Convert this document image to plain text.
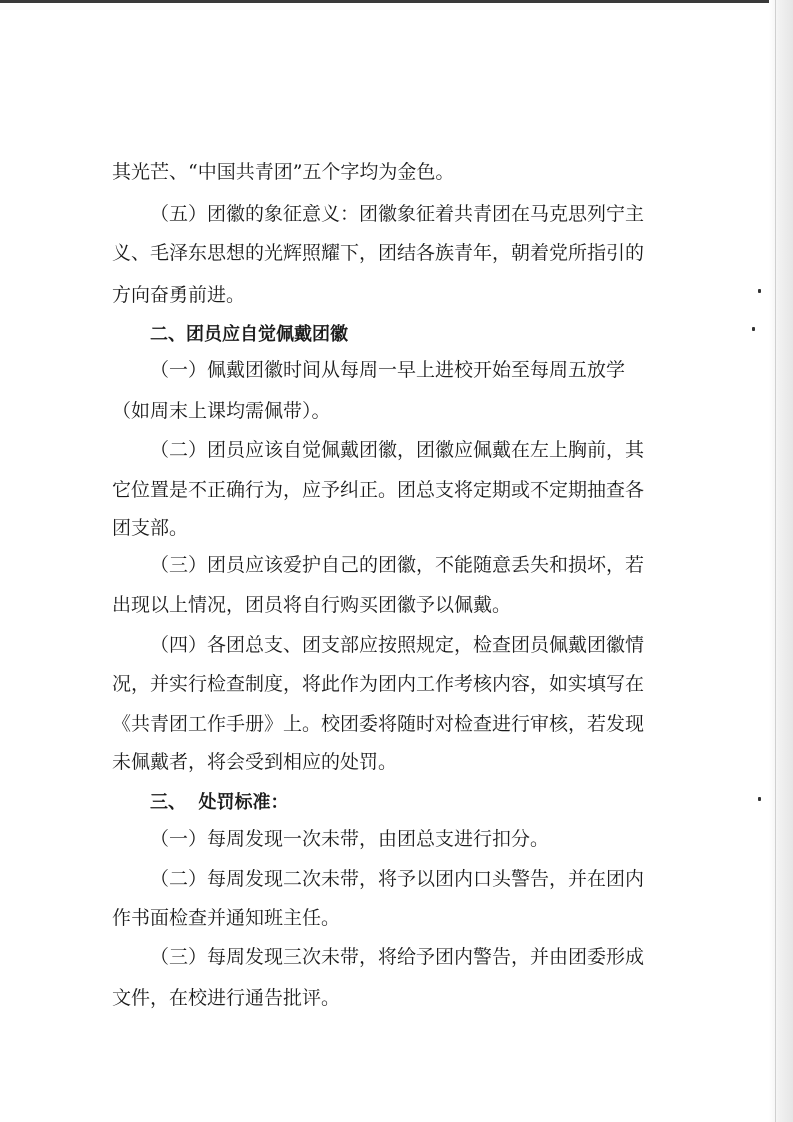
其光芒、“中国共青团”五个字均为金色。
（五）团徽的象征意义：团徽象征着共青团在马克思列宁主
义、毛泽东思想的光辉照耀下，团结各族青年，朝着党所指引的
方向奋勇前进。
二、团员应自觉佩戴团徽
（一）佩戴团徽时间从每周一早上进校开始至每周五放学
（如周末上课均需佩带）。
（二）团员应该自觉佩戴团徽，团徽应佩戴在左上胸前，其
它位置是不正确行为，应予纠正。团总支将定期或不定期抽查各
团支部。
（三）团员应该爱护自己的团徽，不能随意丢失和损坏，若
出现以上情况，团员将自行购买团徽予以佩戴。
（四）各团总支、团支部应按照规定，检查团员佩戴团徽情
况，并实行检查制度，将此作为团内工作考核内容，如实填写在
《共青团工作手册》上。校团委将随时对检查进行审核，若发现
未佩戴者，将会受到相应的处罚。
三、  处罚标准：
（一）每周发现一次未带，由团总支进行扣分。
（二）每周发现二次未带，将予以团内口头警告，并在团内
作书面检查并通知班主任。
（三）每周发现三次未带，将给予团内警告，并由团委形成
文件，在校进行通告批评。
